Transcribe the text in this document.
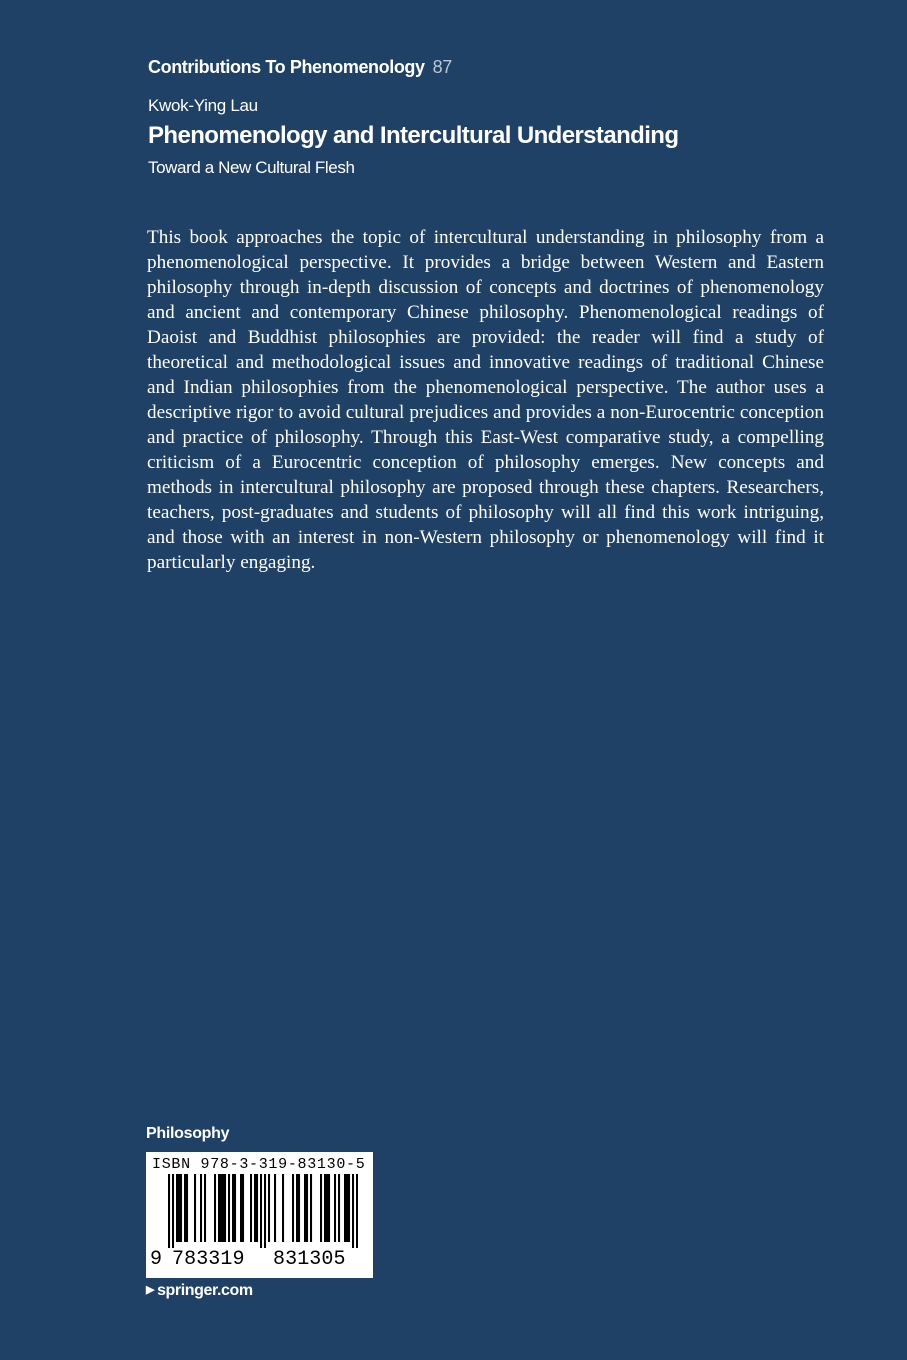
Contributions To Phenomenology 87
Kwok-Ying Lau
Phenomenology and Intercultural Understanding
Toward a New Cultural Flesh
This book approaches the topic of intercultural understanding in philosophy from a phenomenological perspective. It provides a bridge between Western and Eastern philosophy through in-depth discussion of concepts and doctrines of phenomenology and ancient and contemporary Chinese philosophy. Phenomenological readings of Daoist and Buddhist philosophies are provided: the reader will find a study of theoretical and methodological issues and innovative readings of traditional Chinese and Indian philosophies from the phenomenological perspective. The author uses a descriptive rigor to avoid cultural prejudices and provides a non-Eurocentric conception and practice of philosophy. Through this East-West comparative study, a compelling criticism of a Eurocentric conception of philosophy emerges. New concepts and methods in intercultural philosophy are proposed through these chapters. Researchers, teachers, post-graduates and students of philosophy will all find this work intriguing, and those with an interest in non-Western philosophy or phenomenology will find it particularly engaging.
Philosophy
ISBN 978-3-319-83130-5
9 783319 831305
▶ springer.com
